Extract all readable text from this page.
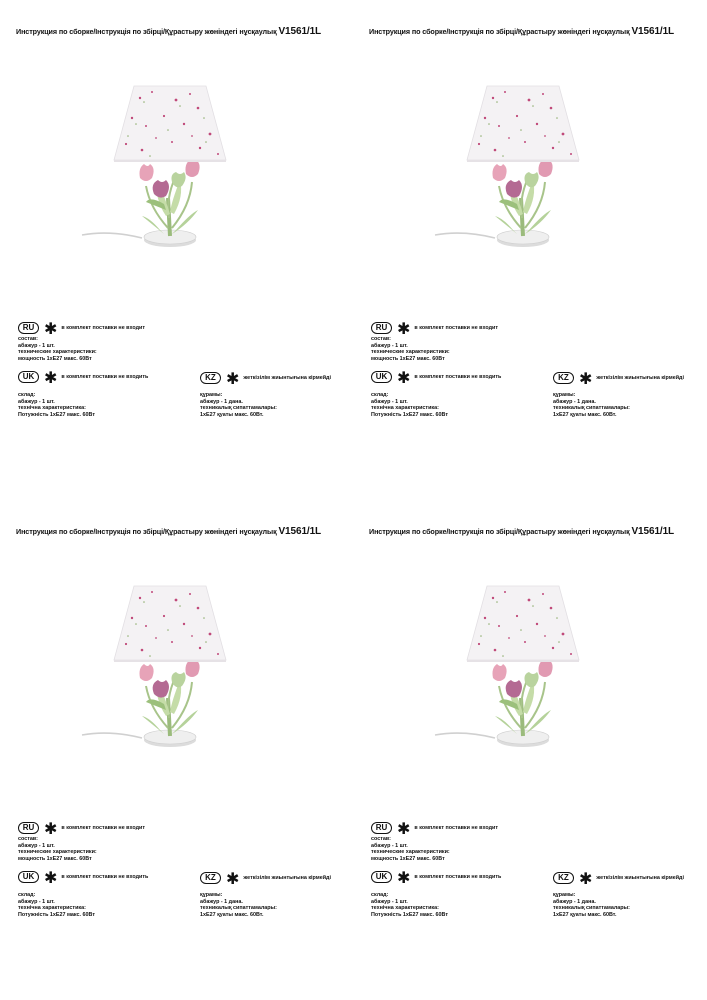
Инструкция по сборке/Інструкція по збірці/Құрастыру жөніндегі нұсқаулық V1561/1L
RU ✱ в комплект поставки не входит
состав:
абажур - 1 шт.
технические характеристики:
мощность 1хЕ27 макс. 60Вт
UK ✱ в комплект поставки не входить
склад:
абажур - 1 шт.
технічна характеристика:
Потужність 1хЕ27 макс. 60Вт
KZ ✱ жеткізілім жиынтығына кірмейді
құрамы:
абажур - 1 дана.
техникалық сипаттамалары:
1хЕ27 қуаты макс. 60Вт.
Инструкция по сборке/Інструкція по збірці/Құрастыру жөніндегі нұсқаулық V1561/1L
RU ✱ в комплект поставки не входит
состав:
абажур - 1 шт.
технические характеристики:
мощность 1хЕ27 макс. 60Вт
UK ✱ в комплект поставки не входить
склад:
абажур - 1 шт.
технічна характеристика:
Потужність 1хЕ27 макс. 60Вт
KZ ✱ жеткізілім жиынтығына кірмейді
құрамы:
абажур - 1 дана.
техникалық сипаттамалары:
1хЕ27 қуаты макс. 60Вт.
Инструкция по сборке/Інструкція по збірці/Құрастыру жөніндегі нұсқаулық V1561/1L
RU ✱ в комплект поставки не входит
состав:
абажур - 1 шт.
технические характеристики:
мощность 1хЕ27 макс. 60Вт
UK ✱ в комплект поставки не входить
склад:
абажур - 1 шт.
технічна характеристика:
Потужність 1хЕ27 макс. 60Вт
KZ ✱ жеткізілім жиынтығына кірмейді
құрамы:
абажур - 1 дана.
техникалық сипаттамалары:
1хЕ27 қуаты макс. 60Вт.
Инструкция по сборке/Інструкція по збірці/Құрастыру жөніндегі нұсқаулық V1561/1L
RU ✱ в комплект поставки не входит
состав:
абажур - 1 шт.
технические характеристики:
мощность 1хЕ27 макс. 60Вт
UK ✱ в комплект поставки не входить
склад:
абажур - 1 шт.
технічна характеристика:
Потужність 1хЕ27 макс. 60Вт
KZ ✱ жеткізілім жиынтығына кірмейді
құрамы:
абажур - 1 дана.
техникалық сипаттамалары:
1хЕ27 қуаты макс. 60Вт.
